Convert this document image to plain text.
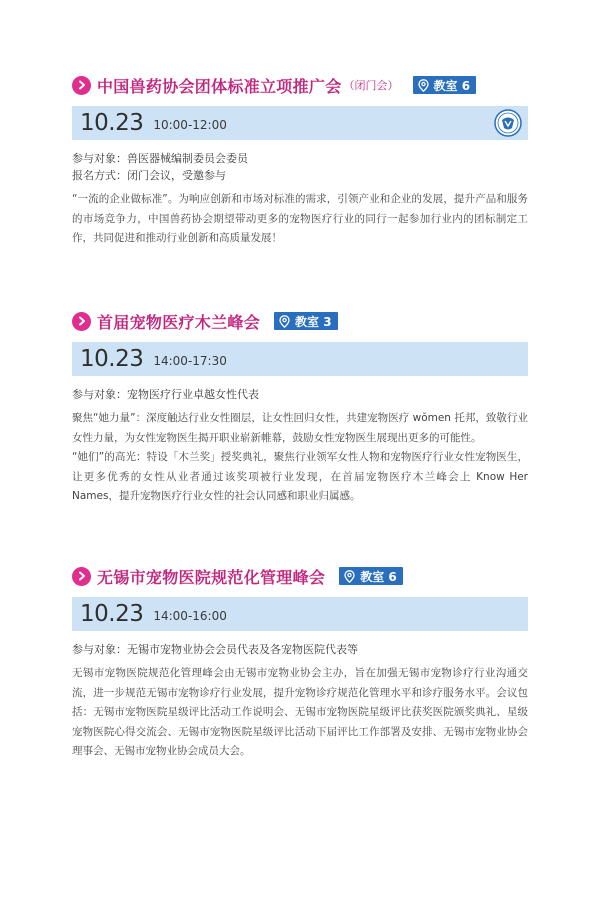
中国兽药协会团体标准立项推广会 （闭门会）	教室 6
10.23 10:00-12:00
参与对象：兽医器械编制委员会委员
报名方式：闭门会议，受邀参与

“一流的企业做标准”。为响应创新和市场对标准的需求，引领产业和企业的发展，提升产品和服务的市场竞争力，中国兽药协会期望带动更多的宠物医疗行业的同行一起参加行业内的团标制定工作，共同促进和推动行业创新和高质量发展！

首届宠物医疗木兰峰会	教室 3
10.23 14:00-17:30
参与对象：宠物医疗行业卓越女性代表

聚焦“她力量”：深度触达行业女性圈层，让女性回归女性，共建宠物医疗 wŏmen 托邦，致敬行业女性力量，为女性宠物医生揭开职业崭新帷幕，鼓励女性宠物医生展现出更多的可能性。

“她们”的高光：特设「木兰奖」授奖典礼，聚焦行业领军女性人物和宠物医疗行业女性宠物医生，让更多优秀的女性从业者通过该奖项被行业发现，在首届宠物医疗木兰峰会上 Know Her Names，提升宠物医疗行业女性的社会认同感和职业归属感。

无锡市宠物医院规范化管理峰会	教室 6
10.23 14:00-16:00
参与对象：无锡市宠物业协会会员代表及各宠物医院代表等

无锡市宠物医院规范化管理峰会由无锡市宠物业协会主办，旨在加强无锡市宠物诊疗行业沟通交流，进一步规范无锡市宠物诊疗行业发展，提升宠物诊疗规范化管理水平和诊疗服务水平。会议包括：无锡市宠物医院星级评比活动工作说明会、无锡市宠物医院星级评比获奖医院颁奖典礼、星级宠物医院心得交流会、无锡市宠物医院星级评比活动下届评比工作部署及安排、无锡市宠物业协会理事会、无锡市宠物业协会成员大会。
